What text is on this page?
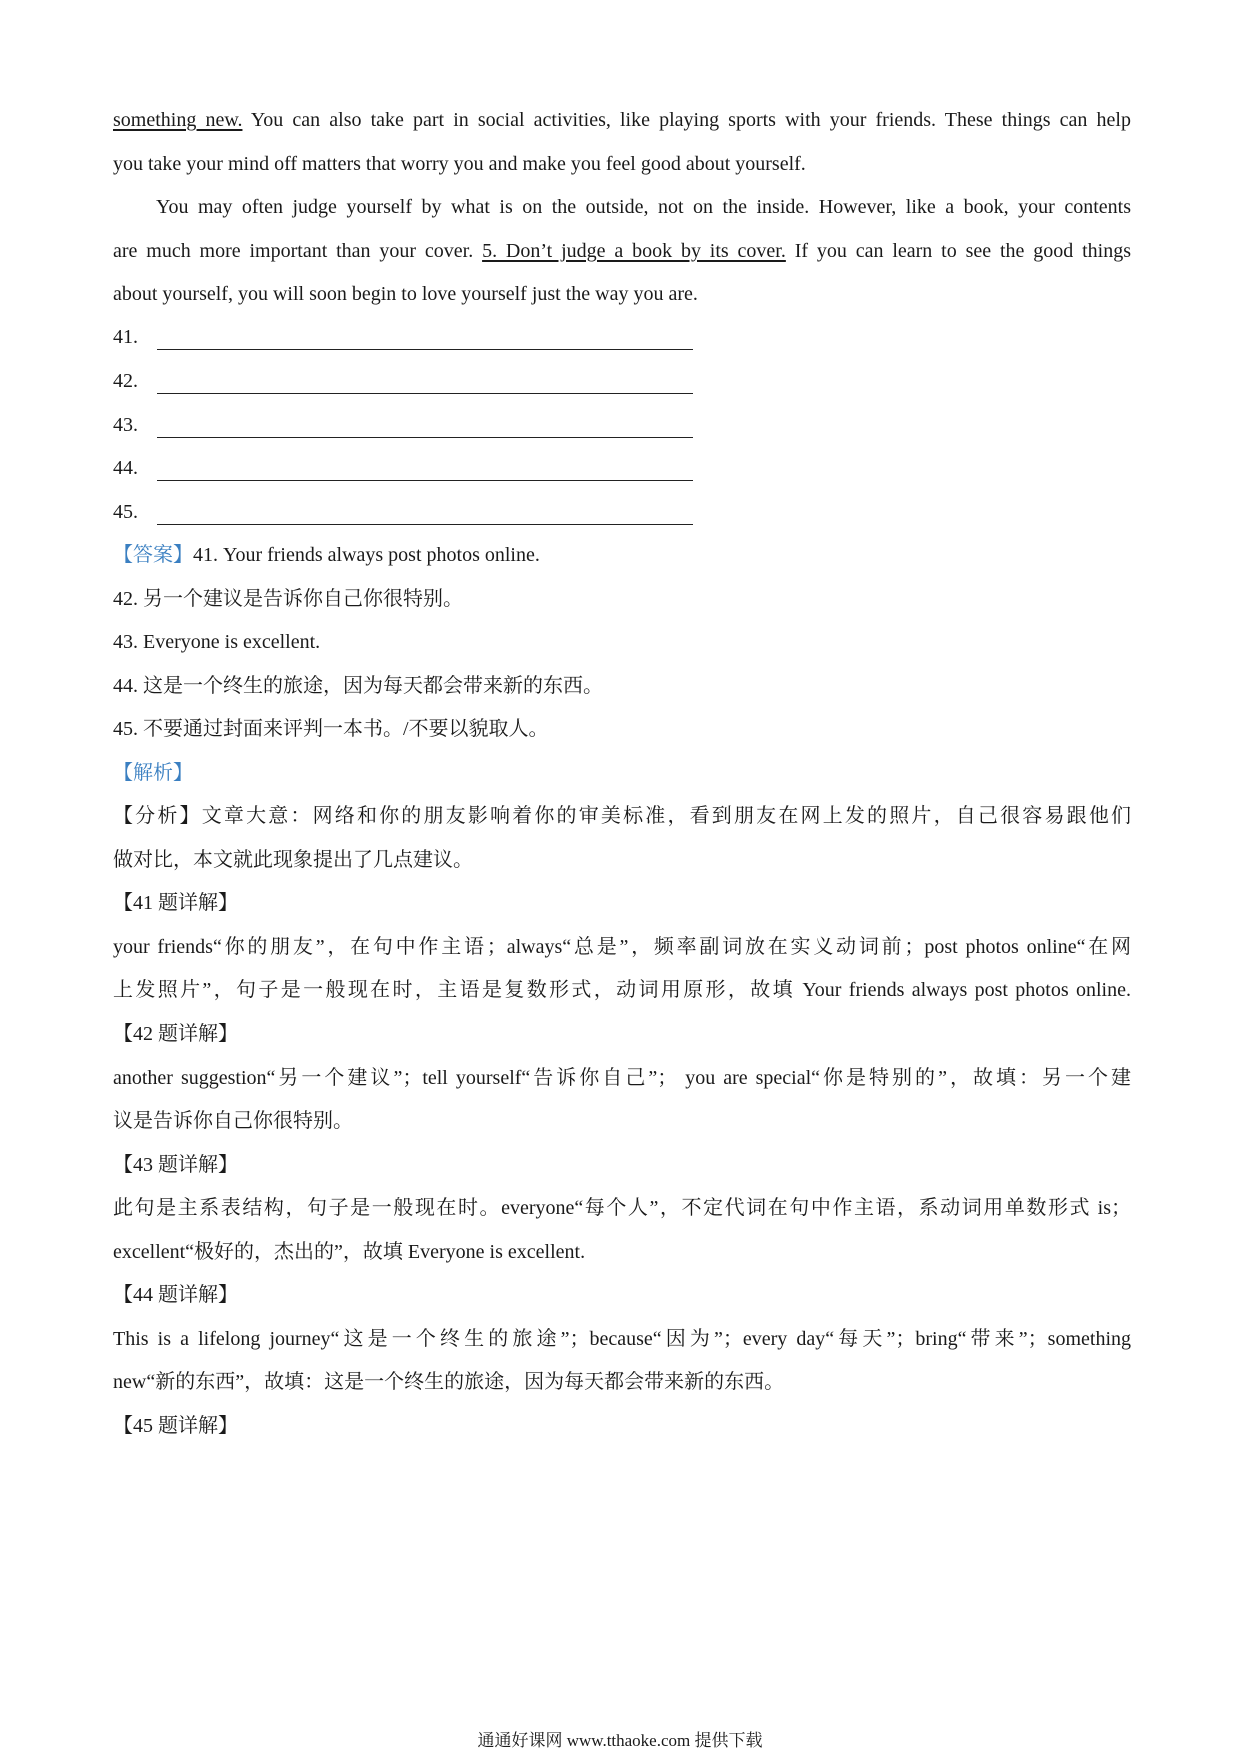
something new. You can also take part in social activities, like playing sports with your friends. These things can help
you take your mind off matters that worry you and make you feel good about yourself.
You may often judge yourself by what is on the outside, not on the inside. However, like a book, your contents
are much more important than your cover. 5. Don’t judge a book by its cover. If you can learn to see the good things
about yourself, you will soon begin to love yourself just the way you are.
41.
42.
43.
44.
45.
【答案】41. Your friends always post photos online.
42. 另一个建议是告诉你自己你很特别。
43. Everyone is excellent.
44. 这是一个终生的旅途，因为每天都会带来新的东西。
45. 不要通过封面来评判一本书。/不要以貌取人。
【解析】
【分析】文章大意：网络和你的朋友影响着你的审美标准，看到朋友在网上发的照片，自己很容易跟他们
做对比，本文就此现象提出了几点建议。
【41 题详解】
your friends“你的朋友”，在句中作主语；always“总是”，频率副词放在实义动词前；post photos online“在网
上发照片”，句子是一般现在时，主语是复数形式，动词用原形，故填 Your friends always post photos online.
【42 题详解】
another suggestion“另一个建议”；tell yourself“告诉你自己”； you are special“你是特别的”，故填：另一个建
议是告诉你自己你很特别。
【43 题详解】
此句是主系表结构，句子是一般现在时。everyone“每个人”，不定代词在句中作主语，系动词用单数形式 is；
excellent“极好的，杰出的”，故填 Everyone is excellent.
【44 题详解】
This is a lifelong journey“这是一个终生的旅途”；because“因为”；every day“每天”；bring“带来”；something
new“新的东西”，故填：这是一个终生的旅途，因为每天都会带来新的东西。
【45 题详解】
通通好课网 www.tthaoke.com 提供下载
